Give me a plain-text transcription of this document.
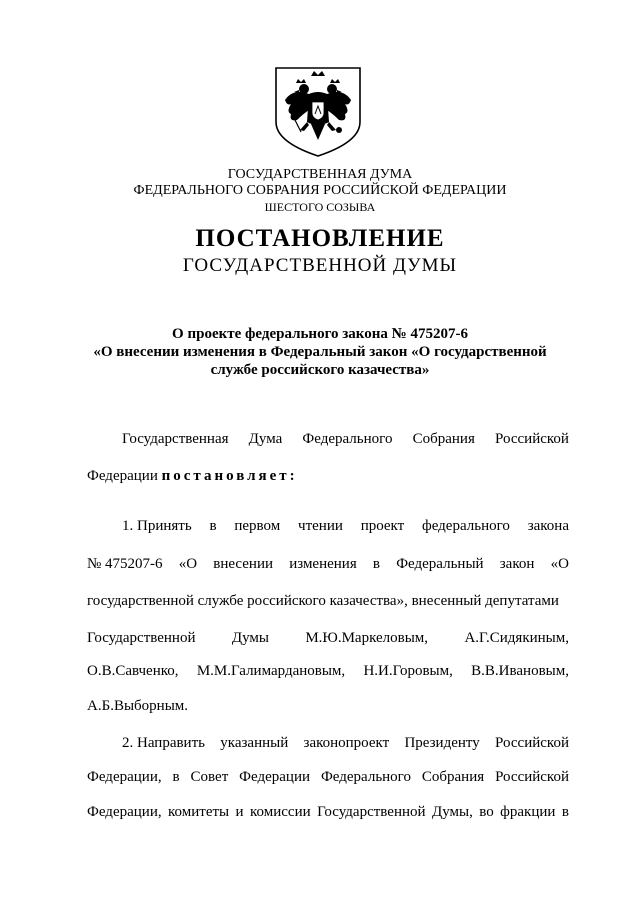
ГОСУДАРСТВЕННАЯ ДУМА
ФЕДЕРАЛЬНОГО СОБРАНИЯ РОССИЙСКОЙ ФЕДЕРАЦИИ
ШЕСТОГО СОЗЫВА
ПОСТАНОВЛЕНИЕ
ГОСУДАРСТВЕННОЙ ДУМЫ
О проекте федерального закона № 475207-6
«О внесении изменения в Федеральный закон «О государственной
службе российского казачества»
Государственная Дума Федерального Собрания Российской
Федерации постановляет:
1. Принять в первом чтении проект федерального закона
№ 475207-6 «О внесении изменения в Федеральный закон «О
государственной службе российского казачества», внесенный депутатами
Государственной Думы М.Ю.Маркеловым, А.Г.Сидякиным,
О.В.Савченко, М.М.Галимардановым, Н.И.Горовым, В.В.Ивановым,
А.Б.Выборным.
2. Направить указанный законопроект Президенту Российской
Федерации, в Совет Федерации Федерального Собрания Российской
Федерации, комитеты и комиссии Государственной Думы, во фракции в
